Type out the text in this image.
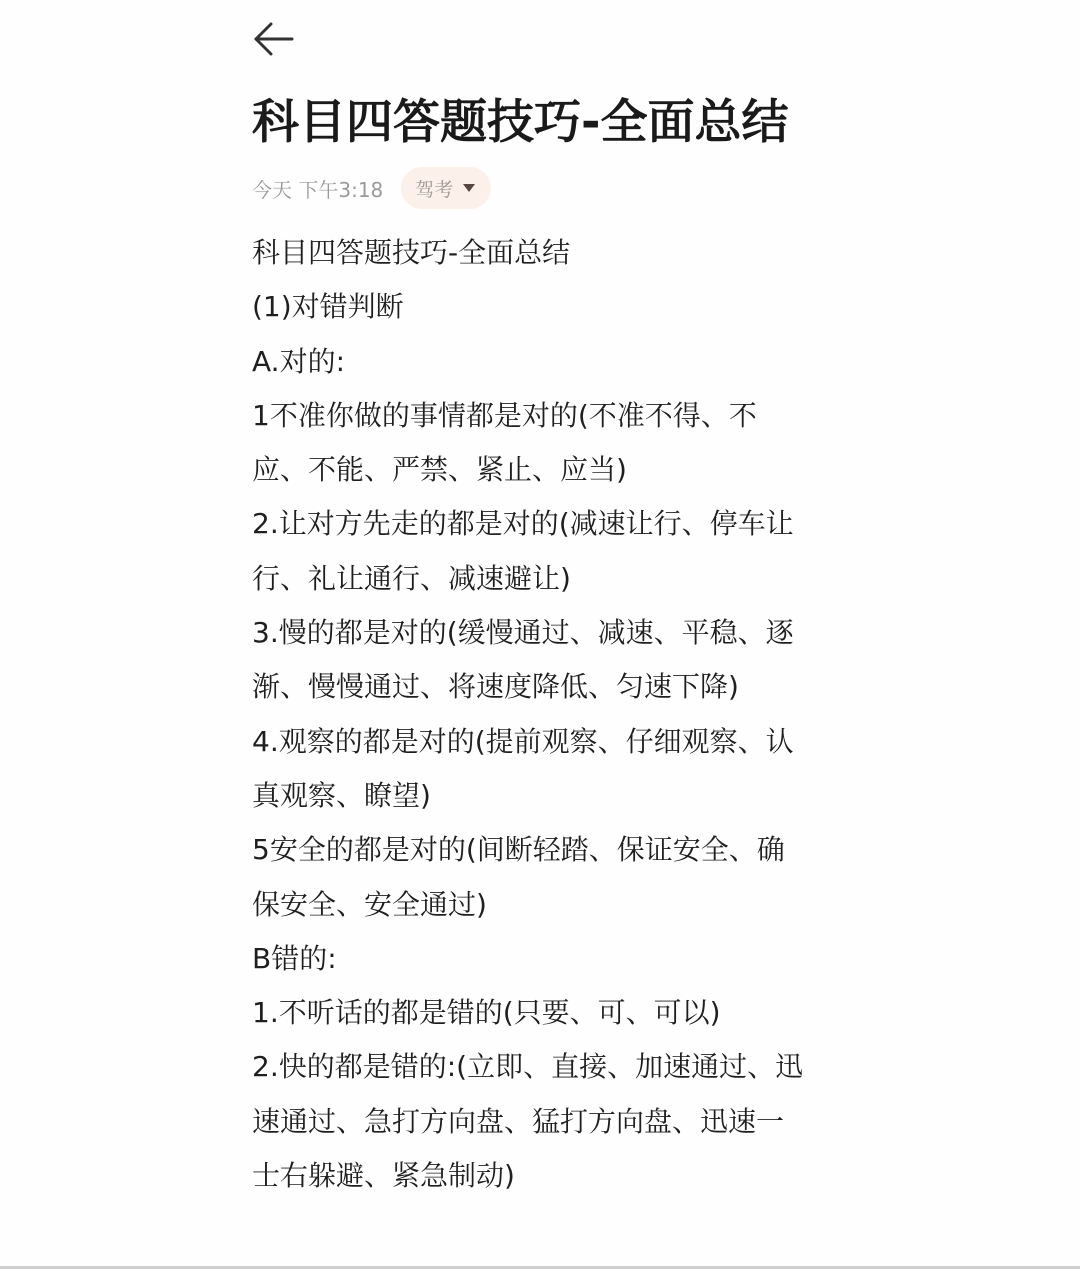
科目四答题技巧-全面总结
今天 下午3:18 驾考
科目四答题技巧-全面总结
(1)对错判断
A.对的:
1不准你做的事情都是对的(不准不得、不
应、不能、严禁、紧止、应当)
2.让对方先走的都是对的(减速让行、停车让
行、礼让通行、减速避让)
3.慢的都是对的(缓慢通过、减速、平稳、逐
渐、慢慢通过、将速度降低、匀速下降)
4.观察的都是对的(提前观察、仔细观察、认
真观察、瞭望)
5安全的都是对的(间断轻踏、保证安全、确
保安全、安全通过)
B错的:
1.不听话的都是错的(只要、可、可以)
2.快的都是错的:(立即、直接、加速通过、迅
速通过、急打方向盘、猛打方向盘、迅速一
士右躲避、紧急制动)
